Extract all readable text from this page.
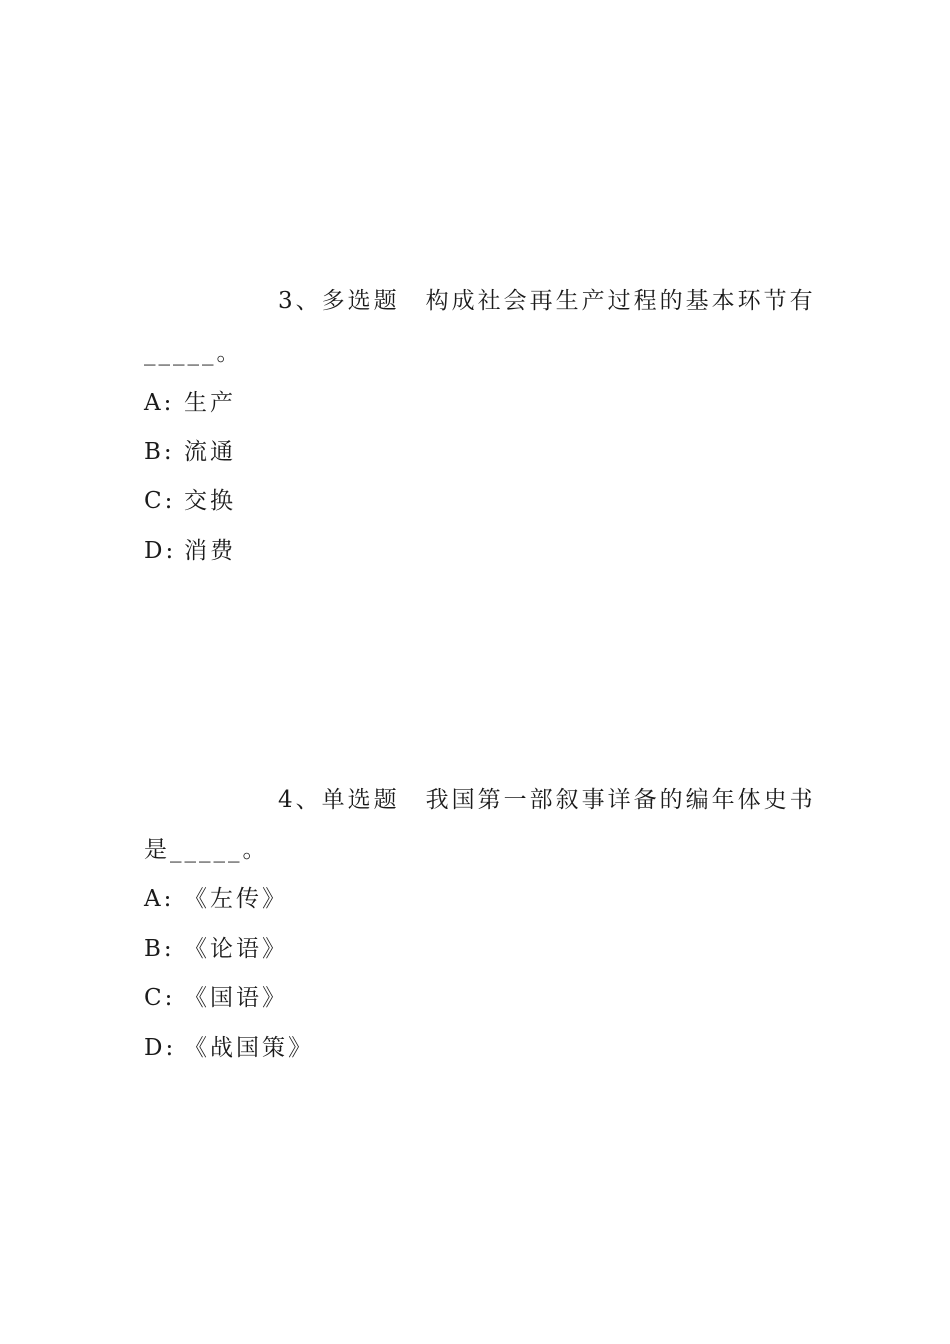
3、多选题 构成社会再生产过程的基本环节有
_____。
A: 生产
B: 流通
C: 交换
D: 消费
4、单选题 我国第一部叙事详备的编年体史书
是_____。
A: 《左传》
B: 《论语》
C: 《国语》
D: 《战国策》
